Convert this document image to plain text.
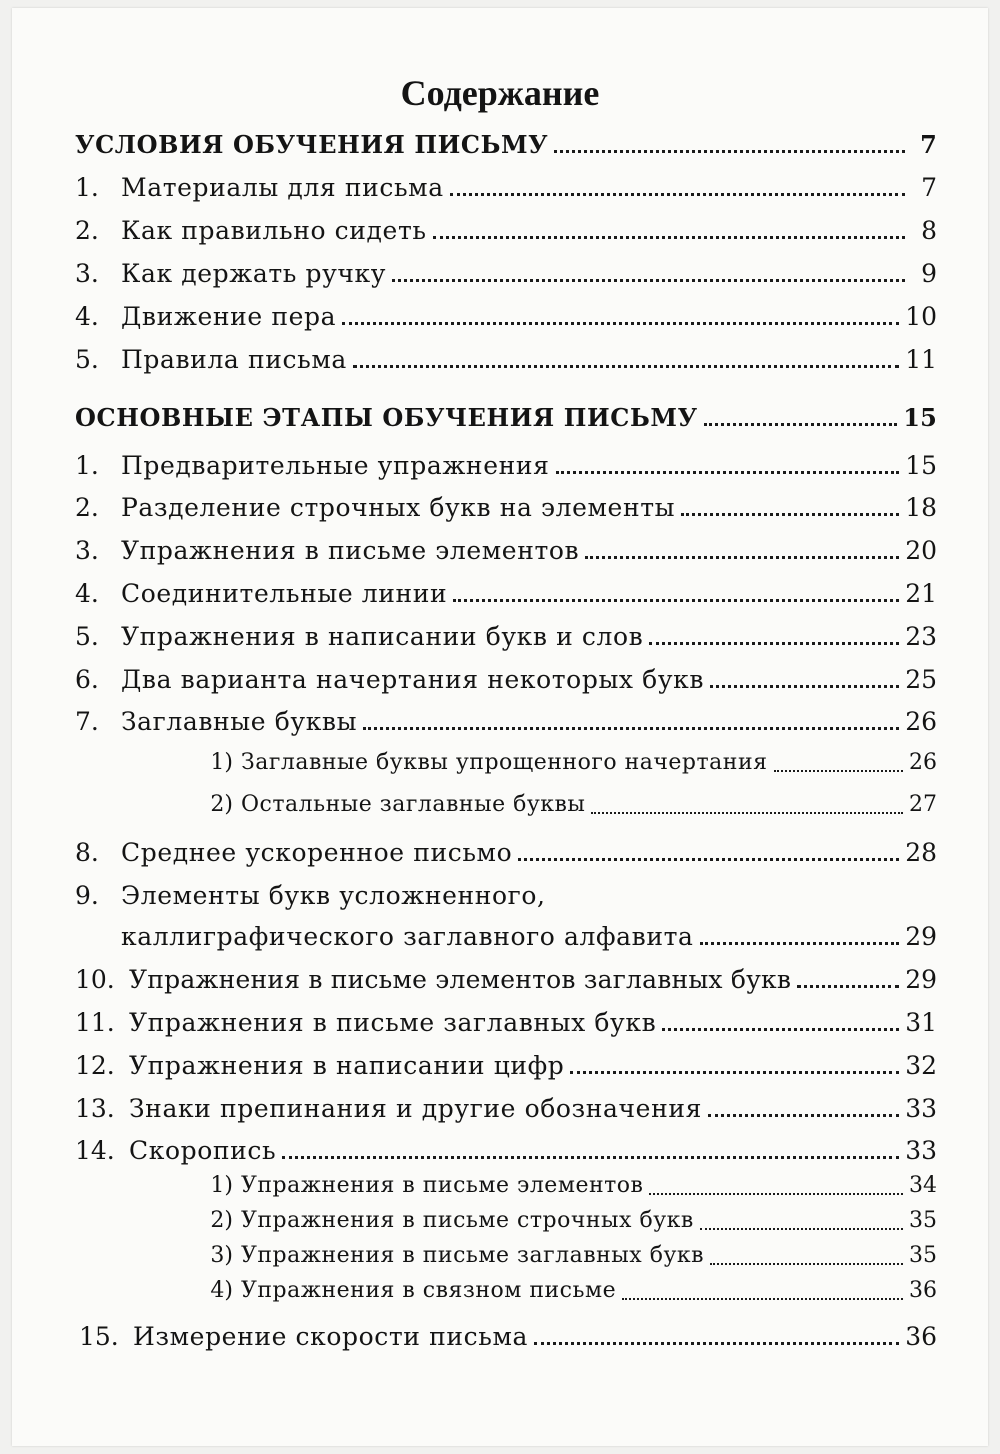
Содержание
УСЛОВИЯ ОБУЧЕНИЯ ПИСЬМУ	7
1. Материалы для письма	7
2. Как правильно сидеть	8
3. Как держать ручку	9
4. Движение пера	10
5. Правила письма	11
ОСНОВНЫЕ ЭТАПЫ ОБУЧЕНИЯ ПИСЬМУ	15
1. Предварительные упражнения	15
2. Разделение строчных букв на элементы	18
3. Упражнения в письме элементов	20
4. Соединительные линии	21
5. Упражнения в написании букв и слов	23
6. Два варианта начертания некоторых букв	25
7. Заглавные буквы	26
1) Заглавные буквы упрощенного начертания	26
2) Остальные заглавные буквы	27
8. Среднее ускоренное письмо	28
9. Элементы букв усложненного,
каллиграфического заглавного алфавита	29
10. Упражнения в письме элементов заглавных букв	29
11. Упражнения в письме заглавных букв	31
12. Упражнения в написании цифр	32
13. Знаки препинания и другие обозначения	33
14. Скоропись	33
1) Упражнения в письме элементов	34
2) Упражнения в письме строчных букв	35
3) Упражнения в письме заглавных букв	35
4) Упражнения в связном письме	36
15. Измерение скорости письма	36
